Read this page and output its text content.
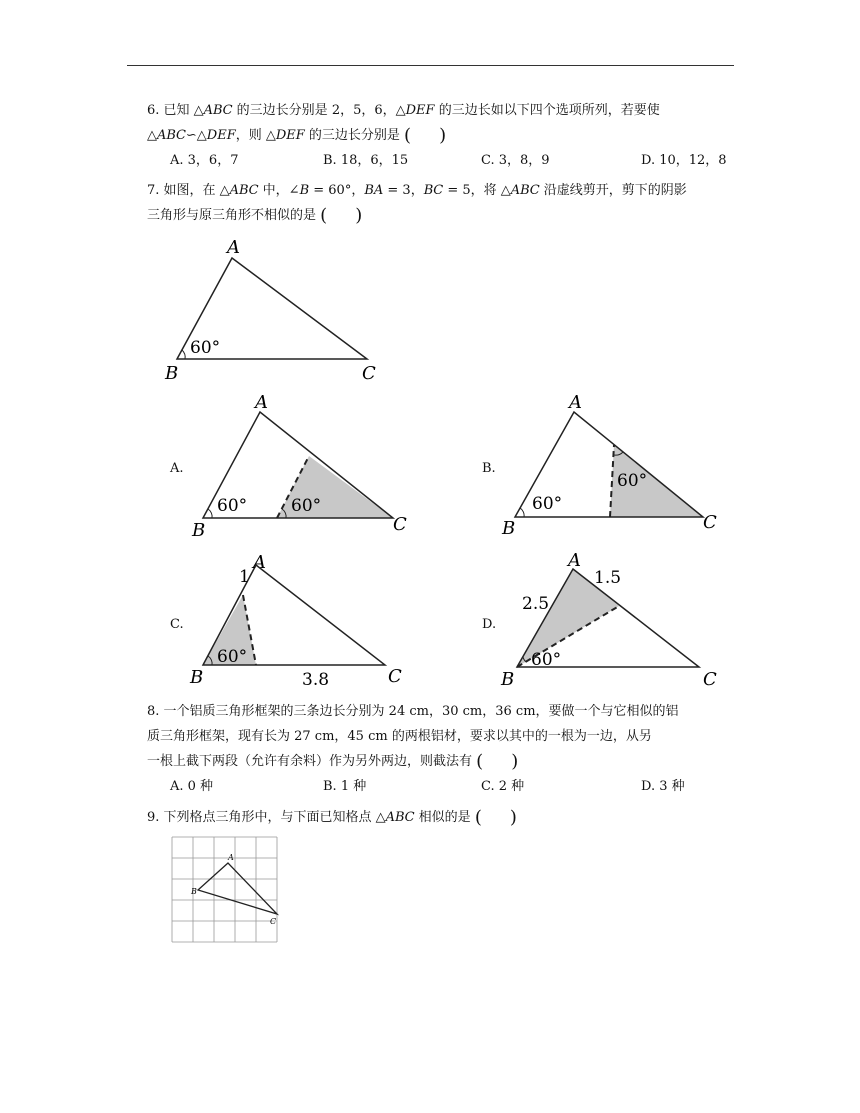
6. 已知 △𝐴𝐵𝐶 的三边长分别是 2，5，6，△𝐷𝐸𝐹 的三边长如以下四个选项所列，若要使
△𝐴𝐵𝐶∽△𝐷𝐸𝐹，则 △𝐷𝐸𝐹 的三边长分别是 ( )
A. 3，6，7	B. 18，6，15	C. 3，8，9	D. 10，12，8
7. 如图，在 △𝐴𝐵𝐶 中，∠𝐵 = 60°，𝐵𝐴 = 3，𝐵𝐶 = 5，将 △𝐴𝐵𝐶 沿虚线剪开，剪下的阴影
三角形与原三角形不相似的是 ( )
60°
A
B	C
A.
60°	60°
A
B	C
B.
60°
60°
A
B	C
C.
60°
1
3.8
A
B	C
D.
60°
2.5
1.5
A
B	C
8. 一个铝质三角形框架的三条边长分别为 24 cm，30 cm，36 cm，要做一个与它相似的铝
质三角形框架，现有长为 27 cm，45 cm 的两根铝材，要求以其中的一根为一边，从另
一根上截下两段（允许有余料）作为另外两边，则截法有 ( )
A. 0 种	B. 1 种	C. 2 种	D. 3 种
9. 下列格点三角形中，与下面已知格点 △𝐴𝐵𝐶 相似的是 ( )
A
B
C
